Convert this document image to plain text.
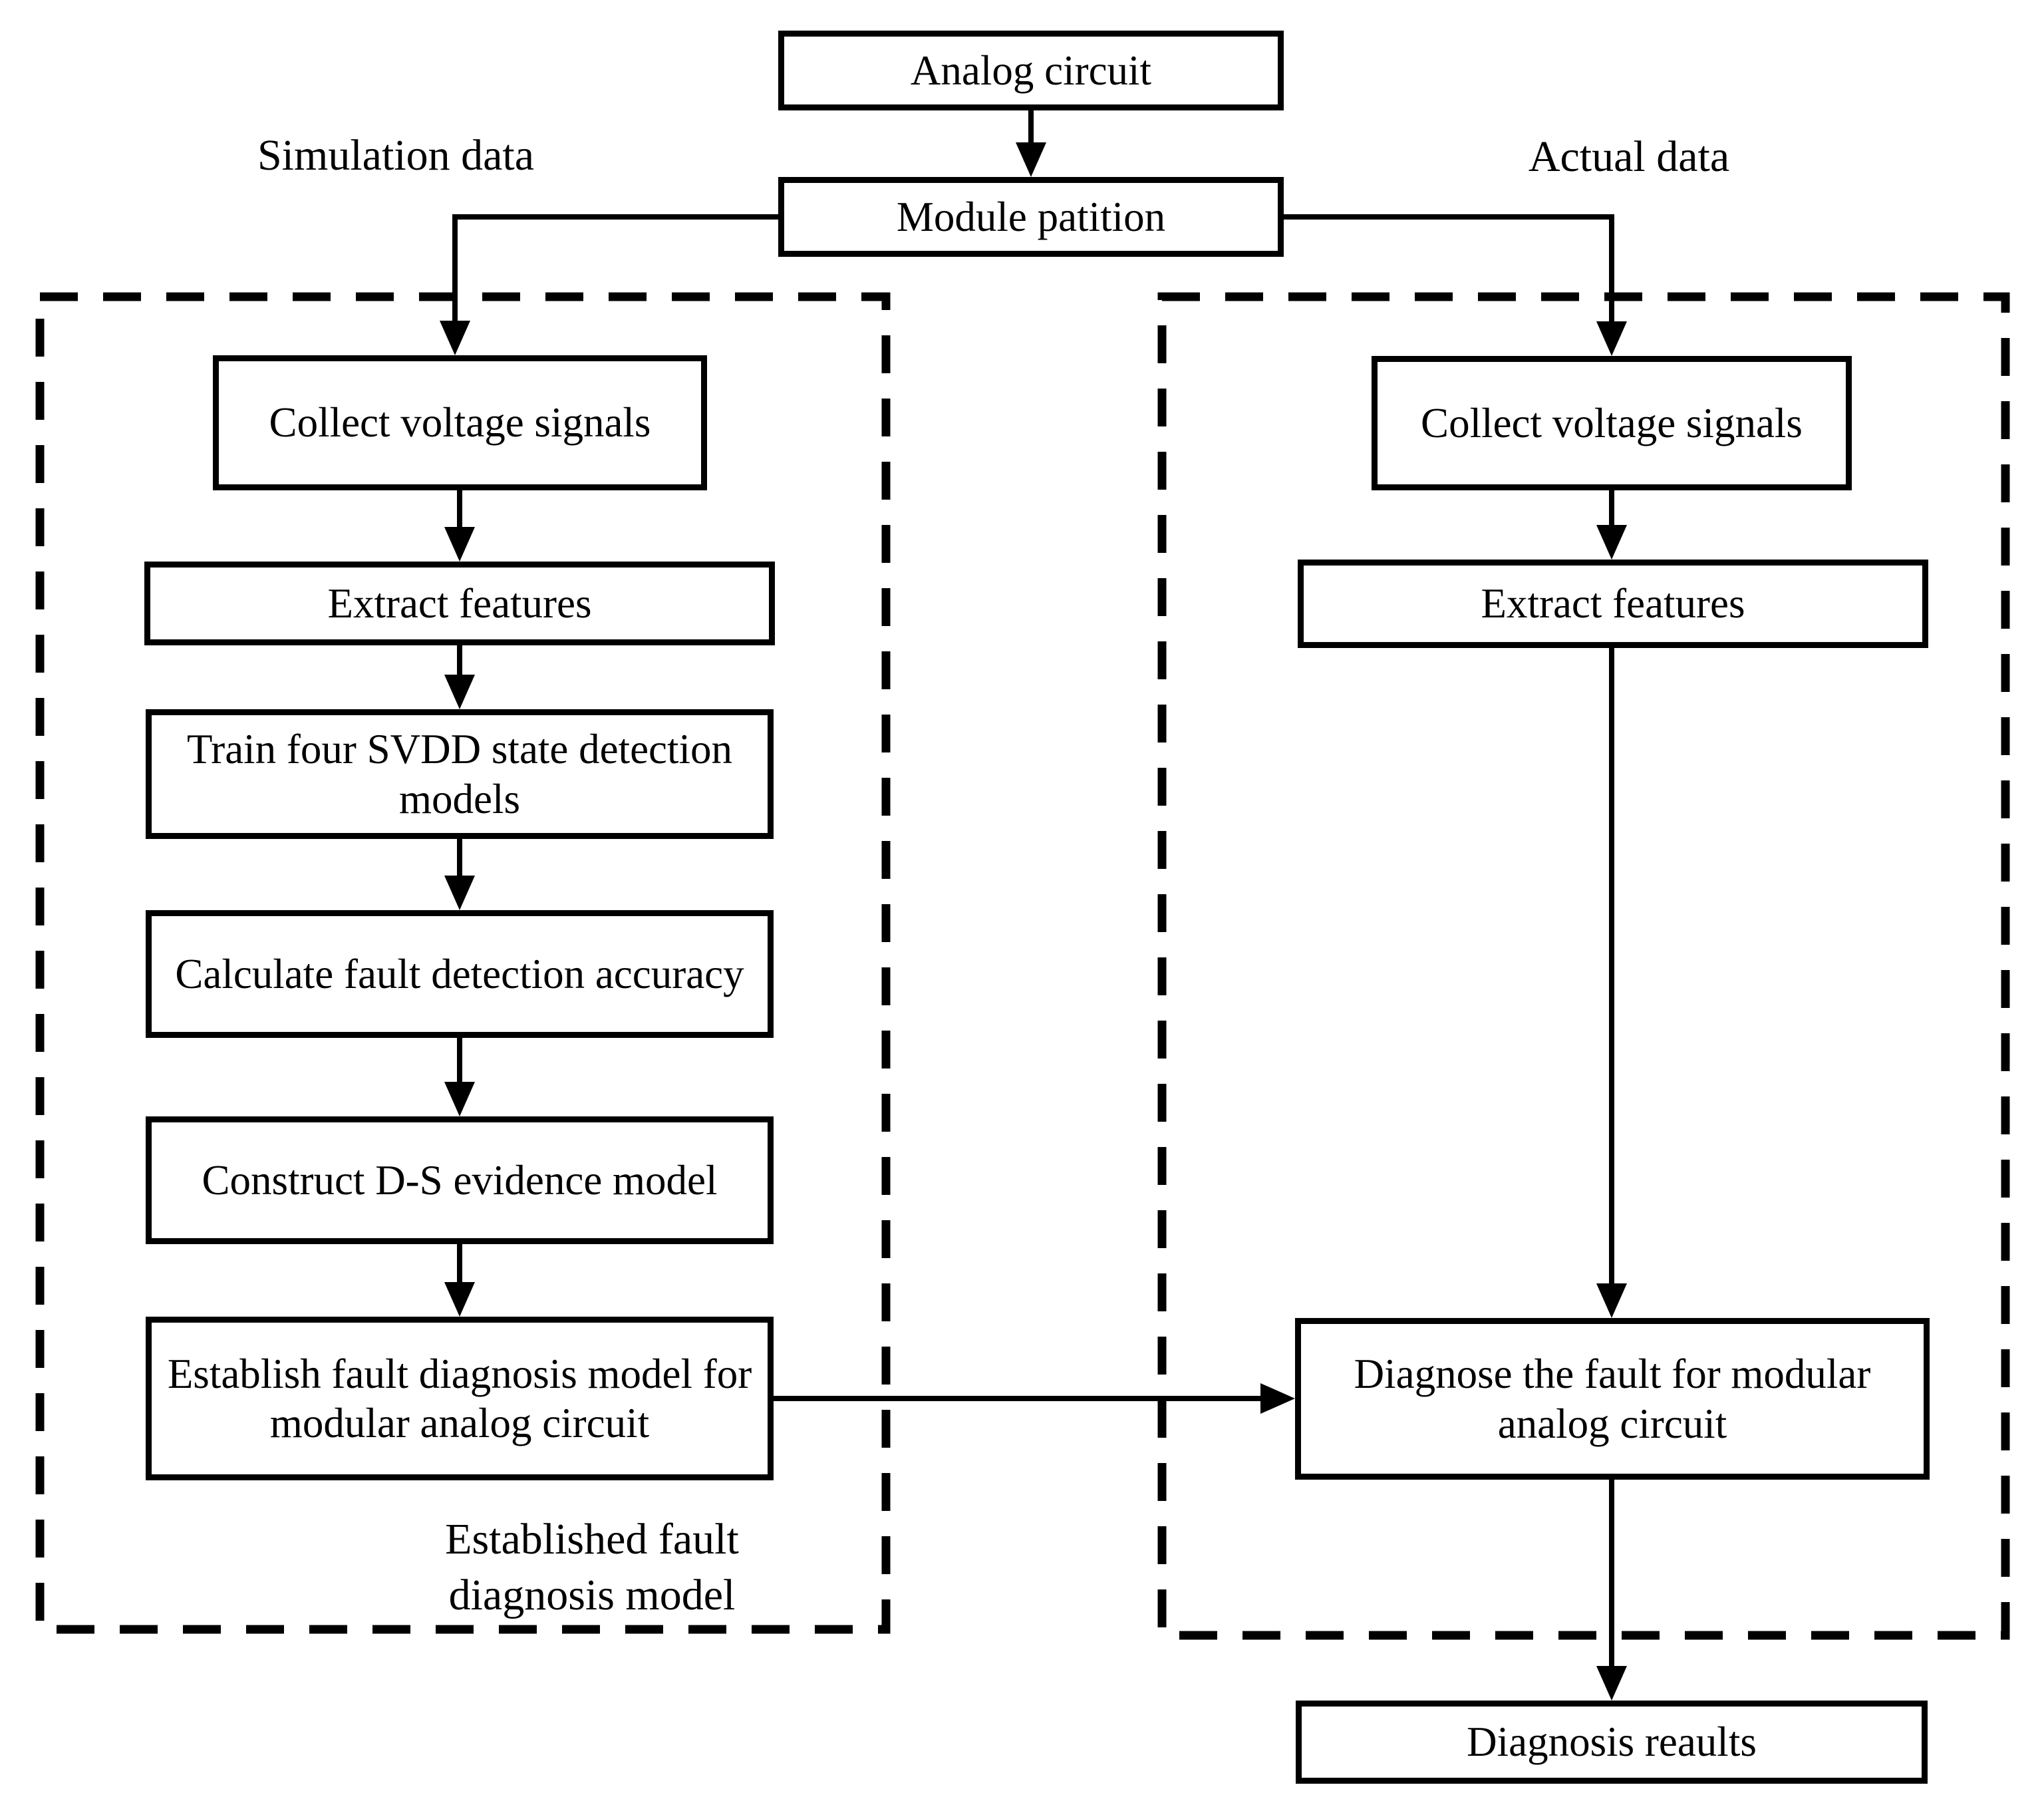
Simulation data	Actual data
Analog circuit
Module patition
Collect voltage signals
Extract features
Train four SVDD state detection models
Calculate fault detection accuracy
Construct D-S evidence model
Establish fault diagnosis model for modular analog circuit
Established fault
diagnosis model
Collect voltage signals
Extract features
Diagnose the fault for modular analog circuit
Diagnosis reaults
